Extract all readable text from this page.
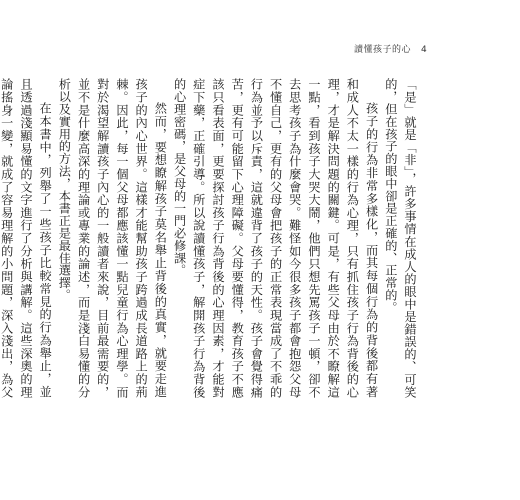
讀懂孩子的心 4

「是」就是「非」，許多事情在成人的眼中是錯誤的、可笑的，但在孩子的眼中卻是正確的、正常的。

孩子的行為非常多樣化，而其每個行為的背後都有著和成人不太一樣的行為心理，只有抓住孩子行為背後的心理，才是解決問題的關鍵。可是，有些父母由於不瞭解這一點，看到孩子大哭大鬧，他們只想先罵孩子一頓，卻不去思考孩子為什麼會哭。難怪如今很多孩子都會抱怨父母不懂自己，更有的父母會把孩子的正常表現當成了不乖的行為並予以斥責，這就違背了孩子的天性。孩子會覺得痛苦，更有可能留下心理障礙。父母要懂得，教育孩子不應該只看表面，更要探討孩子行為背後的心理因素，才能對症下藥，正確引導。所以說讀懂孩子，解開孩子行為背後的心理密碼，是父母的一門必修課。

然而，要想瞭解孩子莫名舉止背後的真實，就要走進孩子的內心世界。這樣才能幫助孩子跨過成長道路上的荊棘。因此，每一個父母都應該懂一點兒童行為心理學。而對於渴望解讀孩子內心的一般讀者來說，目前最需要的，並不是什麼高深的理論或專業的論述，而是淺白易懂的分析以及實用的方法，本書正是最佳選擇。

在本書中，列舉了一些孩子比較常見的行為舉止，並且透過淺顯易懂的文字進行了分析與講解。這些深奧的理論搖身一變，就成了容易理解的小問題，深入淺出，為父
